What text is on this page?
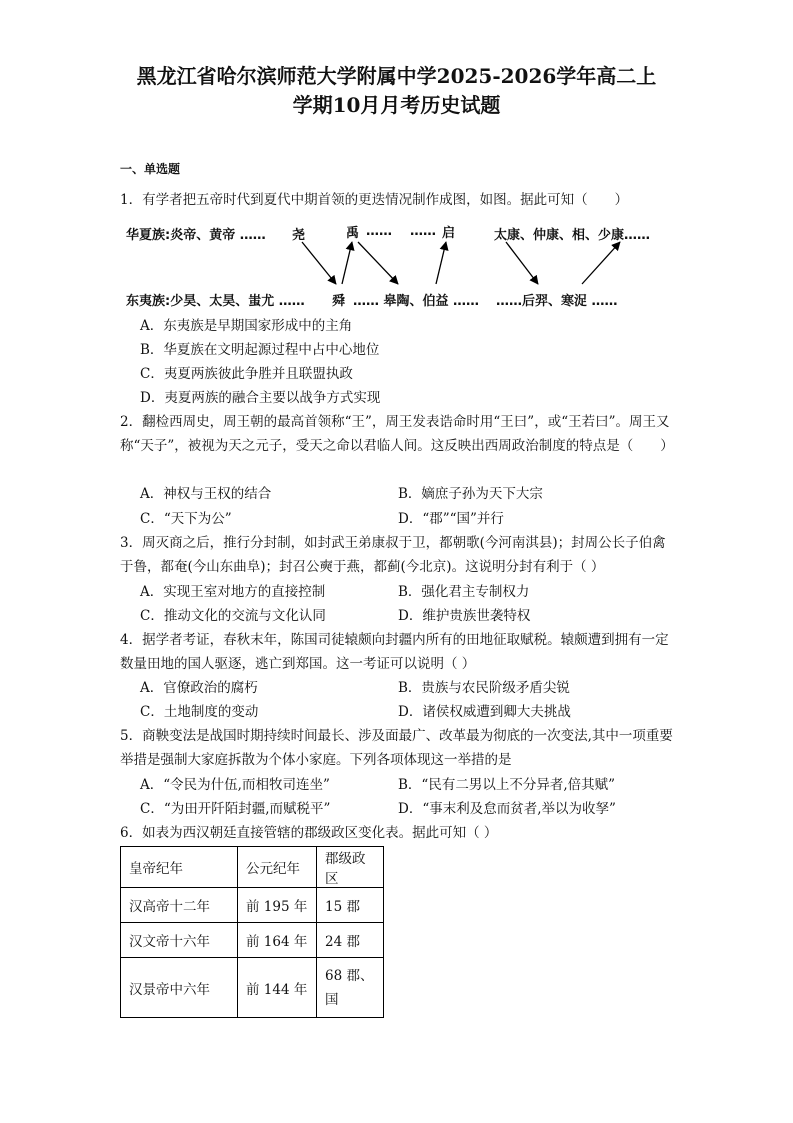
黑龙江省哈尔滨师范大学附属中学2025-2026学年高二上
学期10月月考历史试题
一、单选题
1．有学者把五帝时代到夏代中期首领的更迭情况制作成图，如图。据此可知（　　）
华夏族:炎帝、黄帝 …… 尧	禹 …… …… 启	太康、仲康、相、少康……
东夷族:少昊、太昊、蚩尤 …… 舜 …… 皋陶、伯益 …… ……后羿、寒浞 ……
A．东夷族是早期国家形成中的主角
B．华夏族在文明起源过程中占中心地位
C．夷夏两族彼此争胜并且联盟执政
D．夷夏两族的融合主要以战争方式实现
2．翻检西周史，周王朝的最高首领称“王”，周王发表诰命时用“王曰”，或“王若曰”。周王又称“天子”，被视为天之元子，受天之命以君临人间。这反映出西周政治制度的特点是（　　）
A．神权与王权的结合	B．嫡庶子孙为天下大宗
C．“天下为公”	D．“郡”“国”并行
3．周灭商之后，推行分封制，如封武王弟康叔于卫，都朝歌(今河南淇县)；封周公长子伯禽于鲁，都奄(今山东曲阜)；封召公奭于燕，都蓟(今北京)。这说明分封有利于（ ）
A．实现王室对地方的直接控制	B．强化君主专制权力
C．推动文化的交流与文化认同	D．维护贵族世袭特权
4．据学者考证，春秋末年，陈国司徒辕颇向封疆内所有的田地征取赋税。辕颇遭到拥有一定数量田地的国人驱逐，逃亡到郑国。这一考证可以说明（ ）
A．官僚政治的腐朽	B．贵族与农民阶级矛盾尖锐
C．土地制度的变动	D．诸侯权威遭到卿大夫挑战
5．商鞅变法是战国时期持续时间最长、涉及面最广、改革最为彻底的一次变法,其中一项重要举措是强制大家庭拆散为个体小家庭。下列各项体现这一举措的是
A．“令民为什伍,而相牧司连坐”	B．“民有二男以上不分异者,倍其赋”
C．“为田开阡陌封疆,而赋税平”	D．“事末利及怠而贫者,举以为收孥”
6．如表为西汉朝廷直接管辖的郡级政区变化表。据此可知（ ）
皇帝纪年	公元纪年	郡级政区
汉高帝十二年	前 195 年	15 郡
汉文帝十六年	前 164 年	24 郡
汉景帝中六年	前 144 年	68 郡、国
